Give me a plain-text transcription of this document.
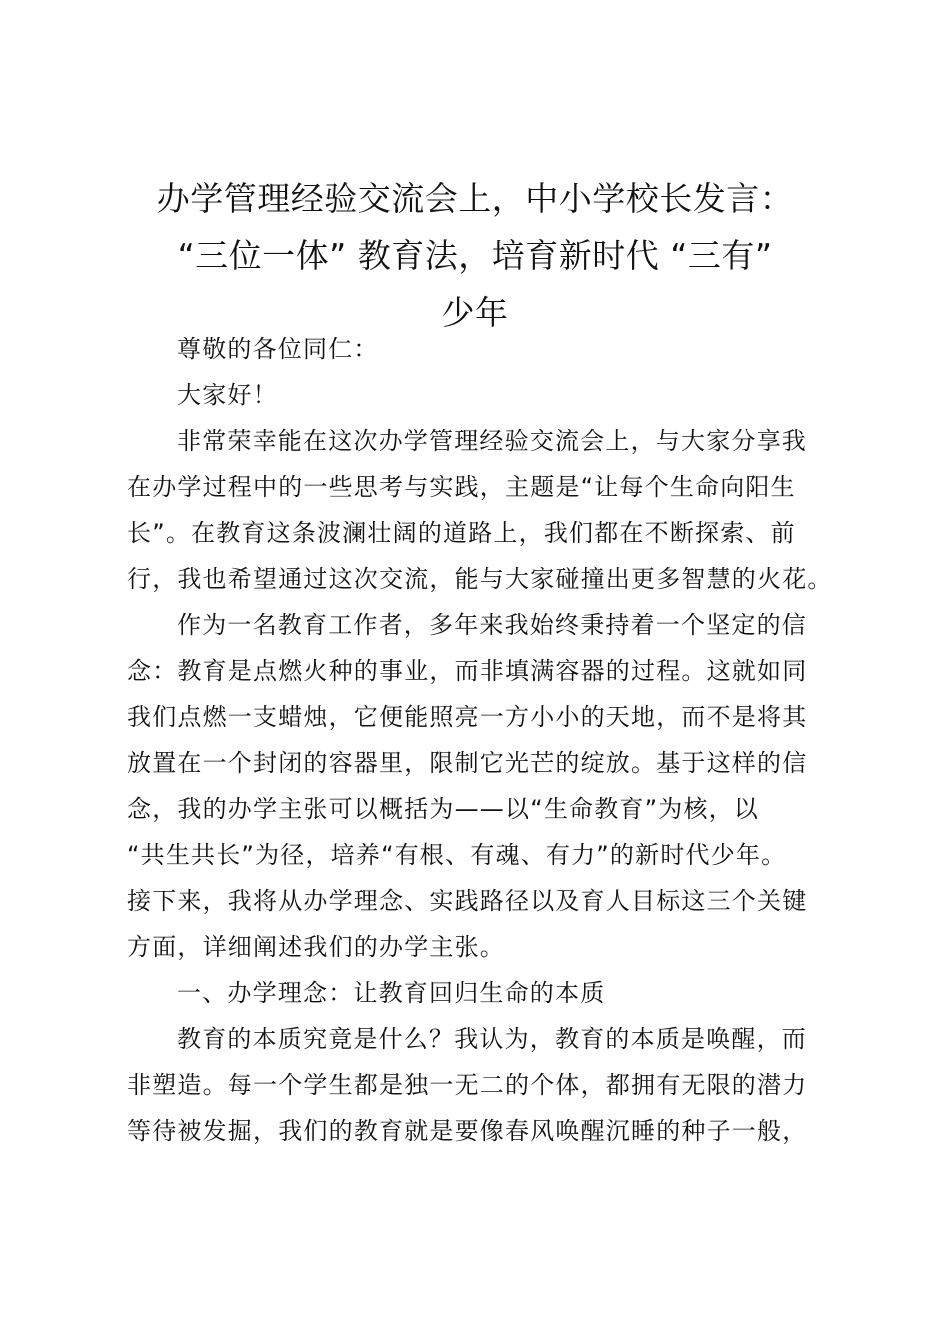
办学管理经验交流会上，中小学校长发言：
“三位一体” 教育法，培育新时代 “三有”
少年
尊敬的各位同仁：
大家好！
非常荣幸能在这次办学管理经验交流会上，与大家分享我
在办学过程中的一些思考与实践，主题是“让每个生命向阳生
长”。在教育这条波澜壮阔的道路上，我们都在不断探索、前
行，我也希望通过这次交流，能与大家碰撞出更多智慧的火花。
作为一名教育工作者，多年来我始终秉持着一个坚定的信
念：教育是点燃火种的事业，而非填满容器的过程。这就如同
我们点燃一支蜡烛，它便能照亮一方小小的天地，而不是将其
放置在一个封闭的容器里，限制它光芒的绽放。基于这样的信
念，我的办学主张可以概括为——以“生命教育”为核，以
“共生共长”为径，培养“有根、有魂、有力”的新时代少年。
接下来，我将从办学理念、实践路径以及育人目标这三个关键
方面，详细阐述我们的办学主张。
一、办学理念：让教育回归生命的本质
教育的本质究竟是什么？我认为，教育的本质是唤醒，而
非塑造。每一个学生都是独一无二的个体，都拥有无限的潜力
等待被发掘，我们的教育就是要像春风唤醒沉睡的种子一般，
